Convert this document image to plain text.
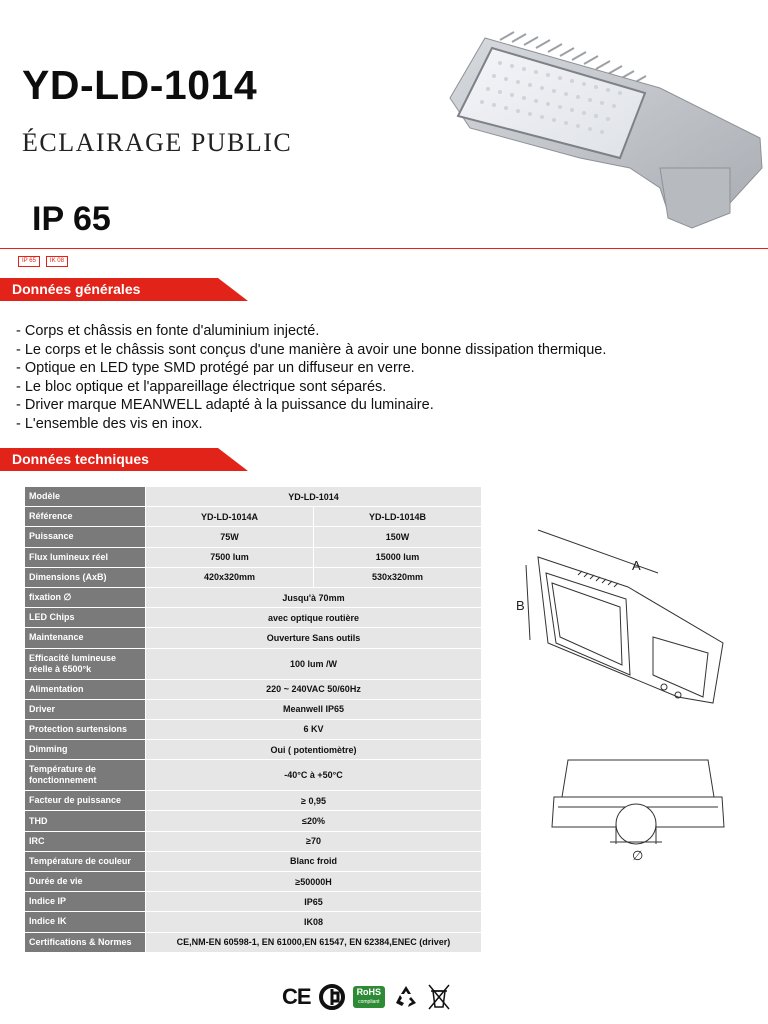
YD-LD-1014
ÉCLAIRAGE PUBLIC
IP 65
IP 65	IK 08
Données générales
- Corps et châssis en fonte d'aluminium injecté.
- Le corps et le châssis sont conçus d'une manière à avoir une bonne dissipation thermique.
- Optique en LED type SMD protégé par un diffuseur en verre.
- Le bloc optique et l'appareillage électrique sont séparés.
- Driver marque MEANWELL adapté à la puissance du luminaire.
- L'ensemble des vis en inox.
Données techniques
Modèle	YD-LD-1014	
Référence	YD-LD-1014A	YD-LD-1014B
Puissance	75W	150W
Flux lumineux réel	7500 lum	15000 lum
Dimensions (AxB)	420x320mm	530x320mm
fixation ∅	Jusqu'à 70mm	
LED Chips	avec optique routière	
Maintenance	Ouverture Sans outils	
Efficacité lumineuse réelle à 6500°k	100 lum /W	
Alimentation	220 ~ 240VAC 50/60Hz	
Driver	Meanwell IP65	
Protection surtensions	6 KV	
Dimming	Oui ( potentiomètre)	
Température de fonctionnement	-40°C à +50°C	
Facteur de puissance	≥ 0,95	
THD	≤20%	
IRC	≥70	
Température de couleur	Blanc froid	
Durée de vie	≥50000H	
Indice IP	IP65	
Indice IK	IK08	
Certifications & Normes	CE,NM-EN 60598-1, EN 61000,EN 61547, EN 62384,ENEC (driver)	
A
B
∅
CE	RoHS
compliant
